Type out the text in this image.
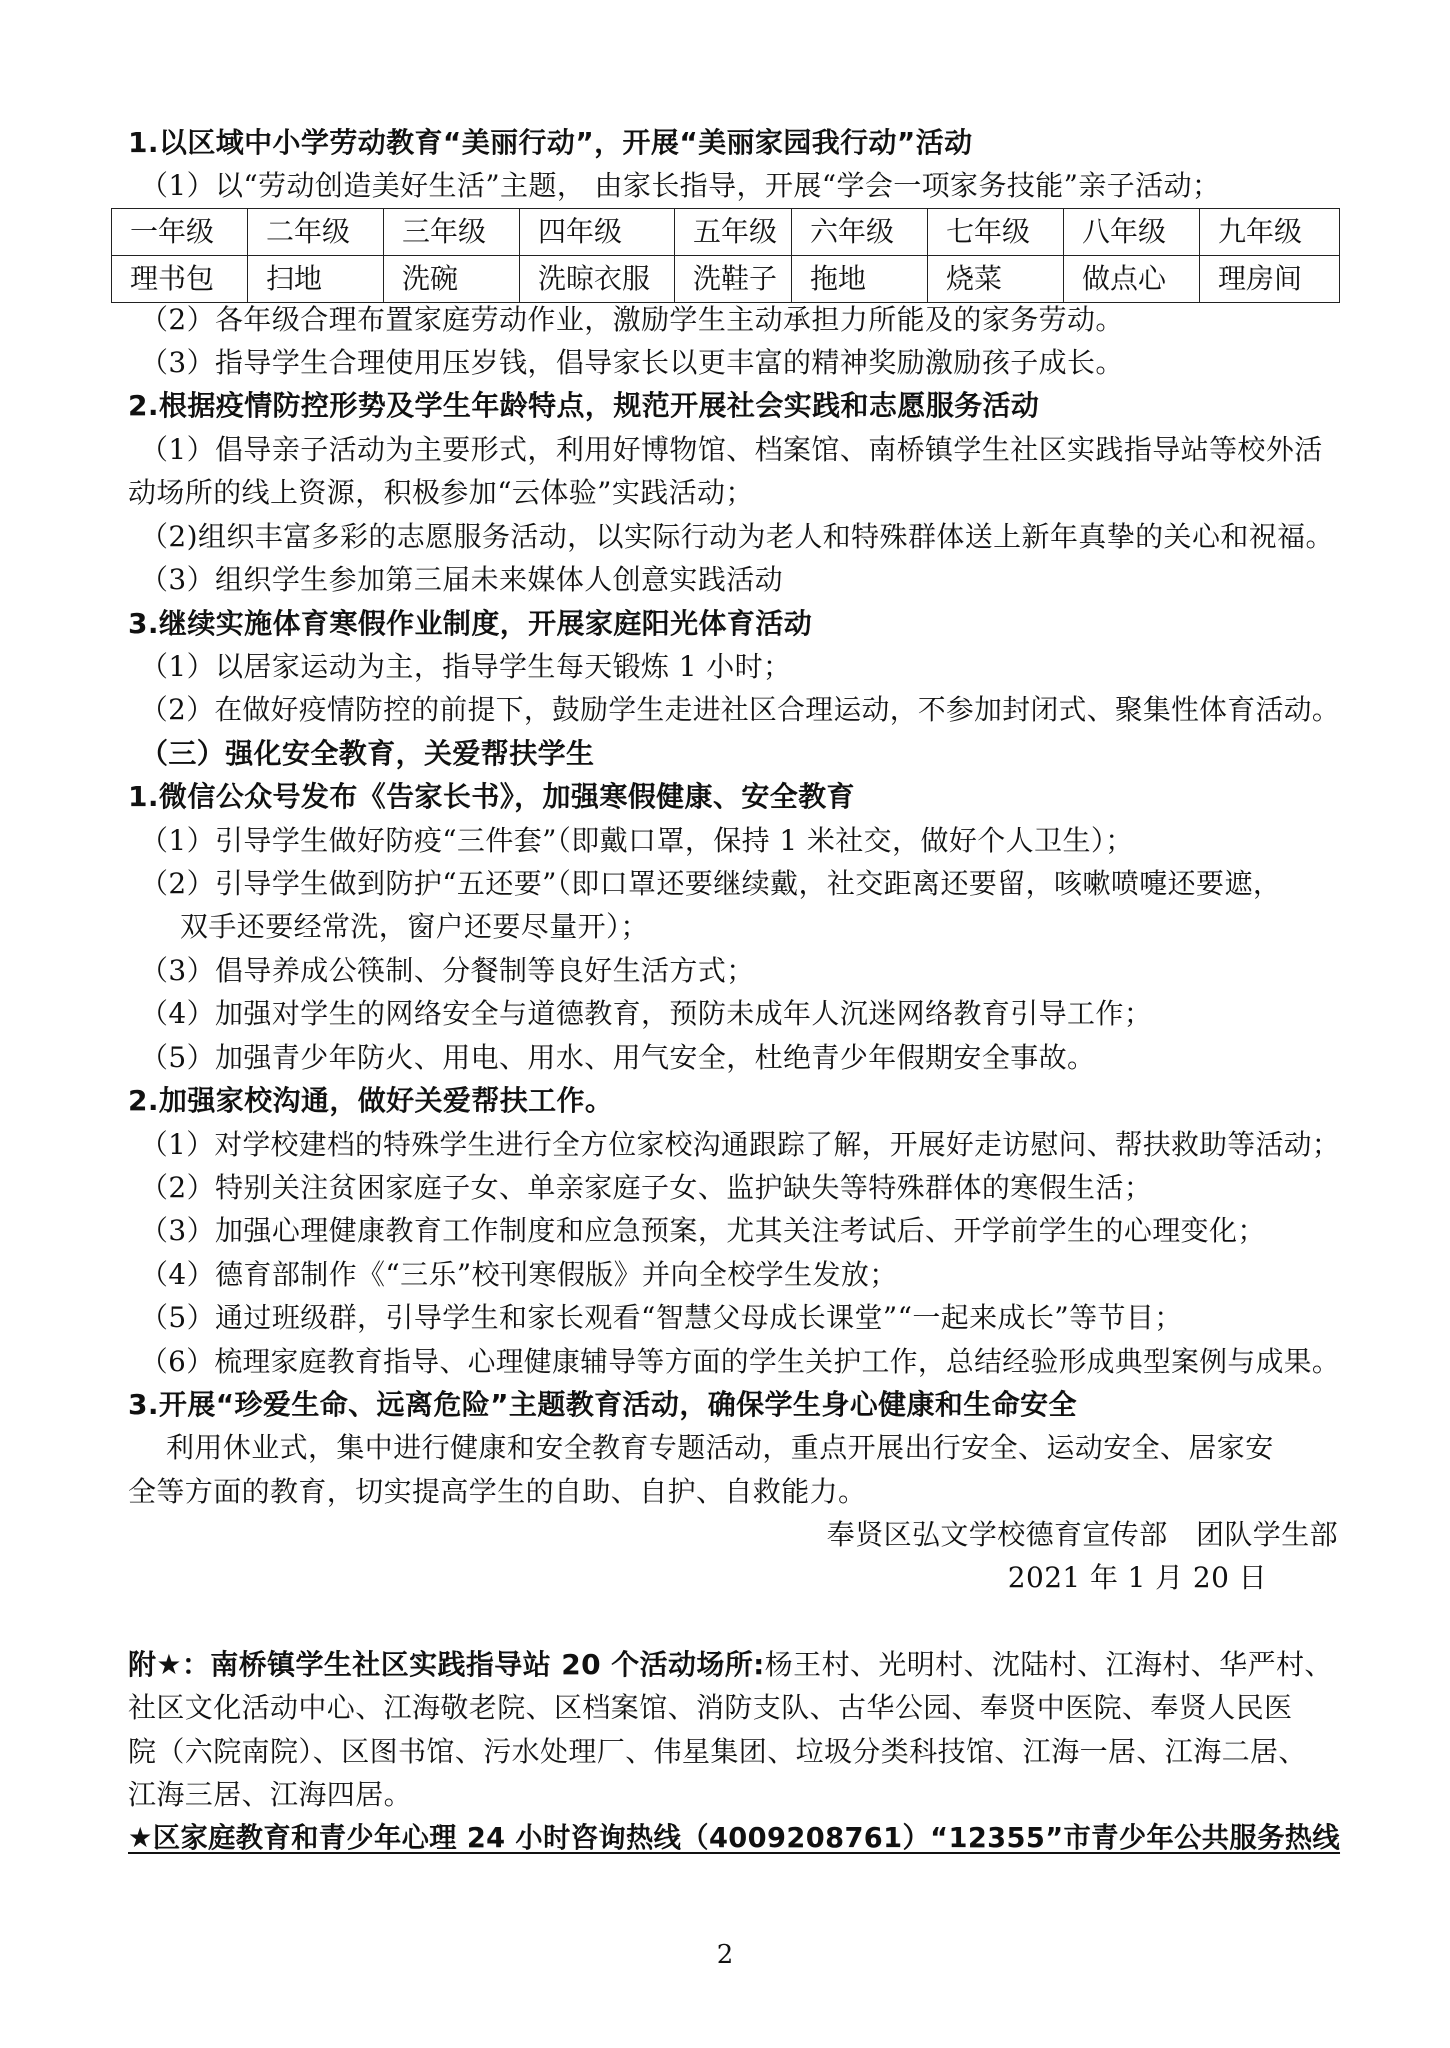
1.以区域中小学劳动教育“美丽行动”，开展“美丽家园我行动”活动
（1）以“劳动创造美好生活”主题， 由家长指导，开展“学会一项家务技能”亲子活动；
一年级	二年级	三年级	四年级	五年级	六年级	七年级	八年级	九年级
理书包	扫地	洗碗	洗晾衣服	洗鞋子	拖地	烧菜	做点心	理房间
（2）各年级合理布置家庭劳动作业，激励学生主动承担力所能及的家务劳动。
（3）指导学生合理使用压岁钱，倡导家长以更丰富的精神奖励激励孩子成长。
2.根据疫情防控形势及学生年龄特点，规范开展社会实践和志愿服务活动
（1）倡导亲子活动为主要形式，利用好博物馆、档案馆、南桥镇学生社区实践指导站等校外活
动场所的线上资源，积极参加“云体验”实践活动；
（2)组织丰富多彩的志愿服务活动，以实际行动为老人和特殊群体送上新年真挚的关心和祝福。
（3）组织学生参加第三届未来媒体人创意实践活动
3.继续实施体育寒假作业制度，开展家庭阳光体育活动
（1）以居家运动为主，指导学生每天锻炼 1 小时；
（2）在做好疫情防控的前提下，鼓励学生走进社区合理运动，不参加封闭式、聚集性体育活动。
（三）强化安全教育，关爱帮扶学生
1.微信公众号发布《告家长书》，加强寒假健康、安全教育
（1）引导学生做好防疫“三件套”（即戴口罩，保持 1 米社交，做好个人卫生）；
（2）引导学生做到防护“五还要”（即口罩还要继续戴，社交距离还要留，咳嗽喷嚏还要遮，
双手还要经常洗，窗户还要尽量开）；
（3）倡导养成公筷制、分餐制等良好生活方式；
（4）加强对学生的网络安全与道德教育，预防未成年人沉迷网络教育引导工作；
（5）加强青少年防火、用电、用水、用气安全，杜绝青少年假期安全事故。
2.加强家校沟通，做好关爱帮扶工作。
（1）对学校建档的特殊学生进行全方位家校沟通跟踪了解，开展好走访慰问、帮扶救助等活动；
（2）特别关注贫困家庭子女、单亲家庭子女、监护缺失等特殊群体的寒假生活；
（3）加强心理健康教育工作制度和应急预案，尤其关注考试后、开学前学生的心理变化；
（4）德育部制作《“三乐”校刊寒假版》并向全校学生发放；
（5）通过班级群，引导学生和家长观看“智慧父母成长课堂”“一起来成长”等节目；
（6）梳理家庭教育指导、心理健康辅导等方面的学生关护工作，总结经验形成典型案例与成果。
3.开展“珍爱生命、远离危险”主题教育活动，确保学生身心健康和生命安全
利用休业式，集中进行健康和安全教育专题活动，重点开展出行安全、运动安全、居家安
全等方面的教育，切实提高学生的自助、自护、自救能力。
奉贤区弘文学校德育宣传部　团队学生部
2021 年 1 月 20 日
附★：南桥镇学生社区实践指导站 20 个活动场所:杨王村、光明村、沈陆村、江海村、华严村、
社区文化活动中心、江海敬老院、区档案馆、消防支队、古华公园、奉贤中医院、奉贤人民医
院（六院南院）、区图书馆、污水处理厂、伟星集团、垃圾分类科技馆、江海一居、江海二居、
江海三居、江海四居。
★区家庭教育和青少年心理 24 小时咨询热线（4009208761）“12355”市青少年公共服务热线
2
